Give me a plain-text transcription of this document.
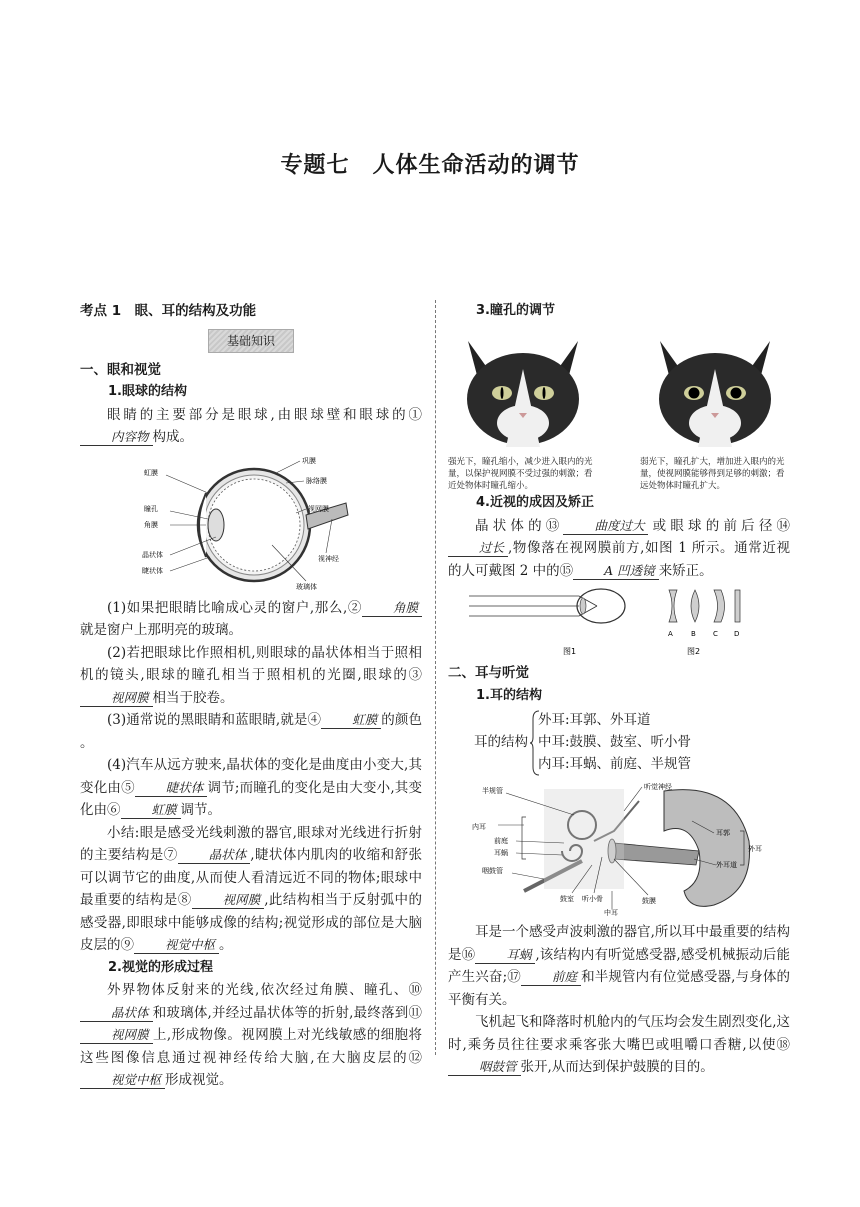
专题七　人体生命活动的调节
考点 1　眼、耳的结构及功能
基础知识
一、眼和视觉
1.眼球的结构

眼睛的主要部分是眼球,由眼球壁和眼球的①内容物 构成。

虹膜
瞳孔
角膜
晶状体
睫状体
巩膜
脉络膜
视网膜
视神经
玻璃体

(1)如果把眼睛比喻成心灵的窗户,那么,② 角膜就是窗户上那明亮的玻璃。

(2)若把眼球比作照相机,则眼球的晶状体相当于照相机的镜头,眼球的瞳孔相当于照相机的光圈,眼球的③视网膜 相当于胶卷。

(3)通常说的黑眼睛和蓝眼睛,就是④ 虹膜 的颜色 。

(4)汽车从远方驶来,晶状体的变化是曲度由小变大,其变化由⑤ 睫状体 调节;而瞳孔的变化是由大变小,其变化由⑥ 虹膜 调节。

小结:眼是感受光线刺激的器官,眼球对光线进行折射的主要结构是⑦ 晶状体 ,睫状体内肌肉的收缩和舒张可以调节它的曲度,从而使人看清远近不同的物体;眼球中最重要的结构是⑧ 视网膜 ,此结构相当于反射弧中的感受器,即眼球中能够成像的结构;视觉形成的部位是大脑皮层的⑨ 视觉中枢 。

2.视觉的形成过程

外界物体反射来的光线,依次经过角膜、瞳孔、⑩晶状体 和玻璃体,并经过晶状体等的折射,最终落到⑪视网膜 上,形成物像。视网膜上对光线敏感的细胞将这些图像信息通过视神经传给大脑,在大脑皮层的⑫视觉中枢 形成视觉。

3.瞳孔的调节
强光下，瞳孔缩小，减少进入眼内的光量，以保护视网膜不受过强的刺激；看近处物体时瞳孔缩小。
弱光下，瞳孔扩大，增加进入眼内的光量，使视网膜能够得到足够的刺激；看远处物体时瞳孔扩大。
4.近视的成因及矫正

晶状体的⑬ 曲度过大 或眼球的前后径⑭过长 ,物像落在视网膜前方,如图 1 所示。通常近视的人可戴图 2 中的⑮ A 凹透镜 来矫正。

A	B C D
图1	图2
二、耳与听觉
1.耳的结构
耳的结构
外耳:耳郭、外耳道
中耳:鼓膜、鼓室、听小骨
内耳:耳蜗、前庭、半规管
半规管	听觉神经
内耳
前庭
耳蜗
咽鼓管
鼓室 听小骨	鼓膜
中耳
耳郭
外耳道
外耳

耳是一个感受声波刺激的器官,所以耳中最重要的结构是⑯ 耳蜗 ,该结构内有听觉感受器,感受机械振动后能产生兴奋;⑰ 前庭 和半规管内有位觉感受器,与身体的平衡有关。

飞机起飞和降落时机舱内的气压均会发生剧烈变化,这时,乘务员往往要求乘客张大嘴巴或咀嚼口香糖,以使⑱咽鼓管 张开,从而达到保护鼓膜的目的。
